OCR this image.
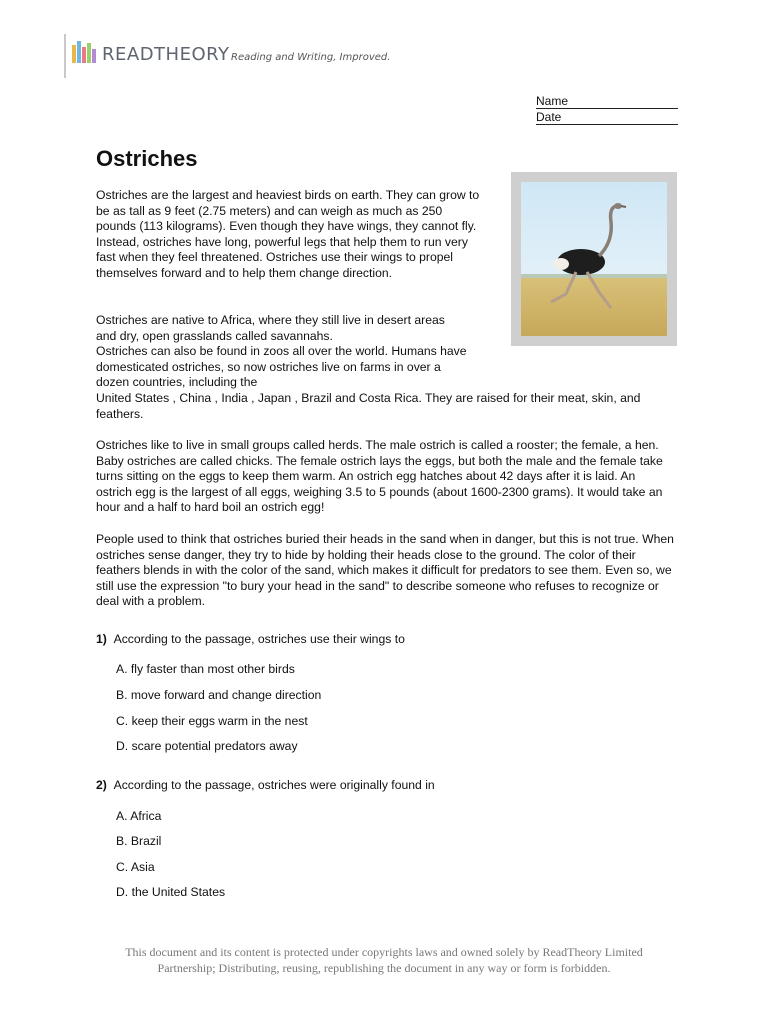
READTHEORY Reading and Writing, Improved.
Name
Date
Ostriches

Ostriches are the largest and heaviest birds on earth. They can grow to be as tall as 9 feet (2.75 meters) and can weigh as much as 250 pounds (113 kilograms). Even though they have wings, they cannot fly. Instead, ostriches have long, powerful legs that help them to run very fast when they feel threatened. Ostriches use their wings to propel themselves forward and to help them change direction.

Ostriches are native to Africa, where they still live in desert areas and dry, open grasslands called savannahs.

Ostriches can also be found in zoos all over the world. Humans have domesticated ostriches, so now ostriches live on farms in over a dozen countries, including the

United States , China , India , Japan , Brazil and Costa Rica. They are raised for their meat, skin, and feathers.

Ostriches like to live in small groups called herds. The male ostrich is called a rooster; the female, a hen. Baby ostriches are called chicks. The female ostrich lays the eggs, but both the male and the female take turns sitting on the eggs to keep them warm. An ostrich egg hatches about 42 days after it is laid. An ostrich egg is the largest of all eggs, weighing 3.5 to 5 pounds (about 1600-2300 grams). It would take an hour and a half to hard boil an ostrich egg!

People used to think that ostriches buried their heads in the sand when in danger, but this is not true. When ostriches sense danger, they try to hide by holding their heads close to the ground. The color of their feathers blends in with the color of the sand, which makes it difficult for predators to see them. Even so, we still use the expression "to bury your head in the sand" to describe someone who refuses to recognize or deal with a problem.

1) According to the passage, ostriches use their wings to
A. fly faster than most other birds
B. move forward and change direction
C. keep their eggs warm in the nest
D. scare potential predators away
2) According to the passage, ostriches were originally found in
A. Africa
B. Brazil
C. Asia
D. the United States
This document and its content is protected under copyrights laws and owned solely by ReadTheory Limited
Partnership; Distributing, reusing, republishing the document in any way or form is forbidden.
